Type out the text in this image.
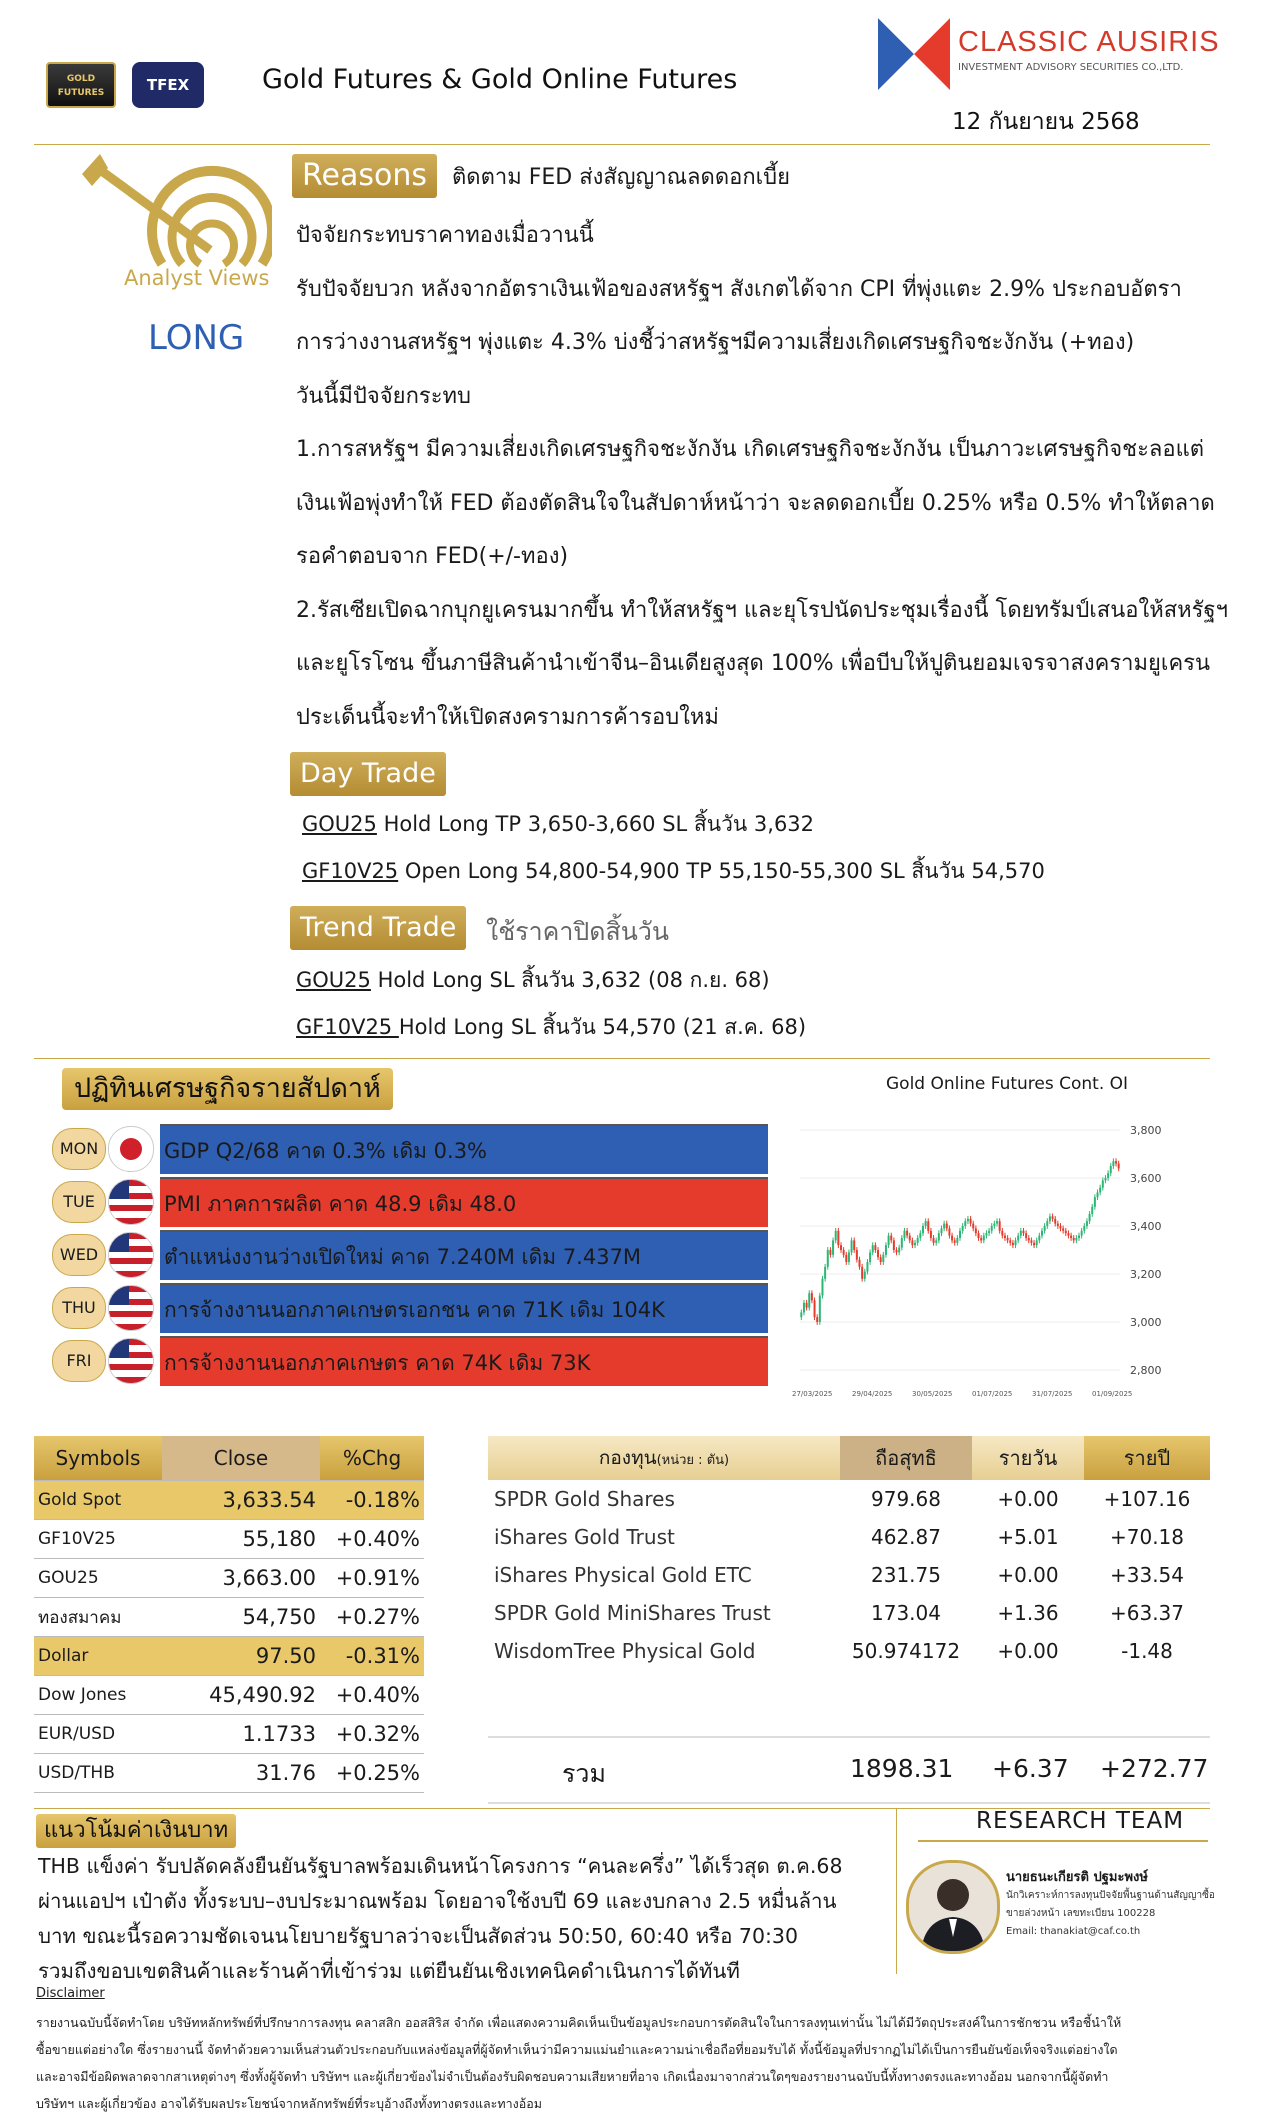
GOLD FUTURES	TFEX	Gold Futures & Gold Online Futures
CLASSIC AUSIRIS
INVESTMENT ADVISORY SECURITIES CO.,LTD.
12 กันยายน 2568
Analyst Views
LONG
Reasons	ติดตาม FED ส่งสัญญาณลดดอกเบี้ย
ปัจจัยกระทบราคาทองเมื่อวานนี้
รับปัจจัยบวก หลังจากอัตราเงินเฟ้อของสหรัฐฯ สังเกตได้จาก CPI ที่พุ่งแตะ 2.9% ประกอบอัตรา
การว่างงานสหรัฐฯ พุ่งแตะ 4.3% บ่งชี้ว่าสหรัฐฯมีความเสี่ยงเกิดเศรษฐกิจชะงักงัน (+ทอง)
วันนี้มีปัจจัยกระทบ
1.การสหรัฐฯ มีความเสี่ยงเกิดเศรษฐกิจชะงักงัน เกิดเศรษฐกิจชะงักงัน เป็นภาวะเศรษฐกิจชะลอแต่
เงินเฟ้อพุ่งทำให้ FED ต้องตัดสินใจในสัปดาห์หน้าว่า จะลดดอกเบี้ย 0.25% หรือ 0.5% ทำให้ตลาด
รอคำตอบจาก FED(+/-ทอง)
2.รัสเซียเปิดฉากบุกยูเครนมากขึ้น ทำให้สหรัฐฯ และยุโรปนัดประชุมเรื่องนี้ โดยทรัมป์เสนอให้สหรัฐฯ
และยูโรโซน ขึ้นภาษีสินค้านำเข้าจีน–อินเดียสูงสุด 100% เพื่อบีบให้ปูตินยอมเจรจาสงครามยูเครน
ประเด็นนี้จะทำให้เปิดสงครามการค้ารอบใหม่
Day Trade
GOU25 Hold Long TP 3,650-3,660 SL สิ้นวัน 3,632
GF10V25 Open Long 54,800-54,900 TP 55,150-55,300 SL สิ้นวัน 54,570
Trend Trade	ใช้ราคาปิดสิ้นวัน
GOU25 Hold Long SL สิ้นวัน 3,632 (08 ก.ย. 68)
GF10V25 Hold Long SL สิ้นวัน 54,570 (21 ส.ค. 68)
ปฏิทินเศรษฐกิจรายสัปดาห์
MON	GDP Q2/68 คาด 0.3% เดิม 0.3%
TUE	PMI ภาคการผลิต คาด 48.9 เดิม 48.0
WED	ตำแหน่งงานว่างเปิดใหม่ คาด 7.240M เดิม 7.437M
THU	การจ้างงานนอกภาคเกษตรเอกชน คาด 71K เดิม 104K
FRI	การจ้างงานนอกภาคเกษตร คาด 74K เดิม 73K
Gold Online Futures Cont. OI
2,800
3,000
3,200
3,400
3,600
3,800
27/03/2025	29/04/2025	30/05/2025	01/07/2025	31/07/2025	01/09/2025
Symbols	Close	%Chg
Gold Spot	3,633.54	-0.18%
GF10V25	55,180	+0.40%
GOU25	3,663.00	+0.91%
ทองสมาคม	54,750	+0.27%
Dollar	97.50	-0.31%
Dow Jones	45,490.92	+0.40%
EUR/USD	1.1733	+0.32%
USD/THB	31.76	+0.25%
กองทุน(หน่วย : ตัน)	ถือสุทธิ	รายวัน	รายปี
SPDR Gold Shares	979.68	+0.00	+107.16
iShares Gold Trust	462.87	+5.01	+70.18
iShares Physical Gold ETC	231.75	+0.00	+33.54
SPDR Gold MiniShares Trust	173.04	+1.36	+63.37
WisdomTree Physical Gold	50.974172	+0.00	-1.48
รวม	1898.31 +6.37 +272.77
แนวโน้มค่าเงินบาท
THB แข็งค่า รับปลัดคลังยืนยันรัฐบาลพร้อมเดินหน้าโครงการ “คนละครึ่ง” ได้เร็วสุด ต.ค.68
ผ่านแอปฯ เป๋าตัง ทั้งระบบ–งบประมาณพร้อม โดยอาจใช้งบปี 69 และงบกลาง 2.5 หมื่นล้าน
บาท ขณะนี้รอความชัดเจนนโยบายรัฐบาลว่าจะเป็นสัดส่วน 50:50, 60:40 หรือ 70:30
รวมถึงขอบเขตสินค้าและร้านค้าที่เข้าร่วม แต่ยืนยันเชิงเทคนิคดำเนินการได้ทันที
RESEARCH TEAM
นายธนะเกียรติ ปฐมะพงษ์
นักวิเคราะห์การลงทุนปัจจัยพื้นฐานด้านสัญญาซื้อ
ขายล่วงหน้า เลขทะเบียน 100228
Email: thanakiat@caf.co.th
Disclaimer
รายงานฉบับนี้จัดทำโดย บริษัทหลักทรัพย์ที่ปรึกษาการลงทุน คลาสสิก ออสสิริส จำกัด เพื่อแสดงความคิดเห็นเป็นข้อมูลประกอบการตัดสินใจในการลงทุนเท่านั้น ไม่ได้มีวัตถุประสงค์ในการชักชวน หรือชี้นำให้
ซื้อขายแต่อย่างใด ซึ่งรายงานนี้ จัดทำด้วยความเห็นส่วนตัวประกอบกับแหล่งข้อมูลที่ผู้จัดทำเห็นว่ามีความแม่นยำและความน่าเชื่อถือที่ยอมรับได้ ทั้งนี้ข้อมูลที่ปรากฏไม่ได้เป็นการยืนยันข้อเท็จจริงแต่อย่างใด
และอาจมีข้อผิดพลาดจากสาเหตุต่างๆ ซึ่งทั้งผู้จัดทำ บริษัทฯ และผู้เกี่ยวข้องไม่จำเป็นต้องรับผิดชอบความเสียหายที่อาจ เกิดเนื่องมาจากส่วนใดๆของรายงานฉบับนี้ทั้งทางตรงและทางอ้อม นอกจากนี้ผู้จัดทำ
บริษัทฯ และผู้เกี่ยวข้อง อาจได้รับผลประโยชน์จากหลักทรัพย์ที่ระบุอ้างถึงทั้งทางตรงและทางอ้อม
